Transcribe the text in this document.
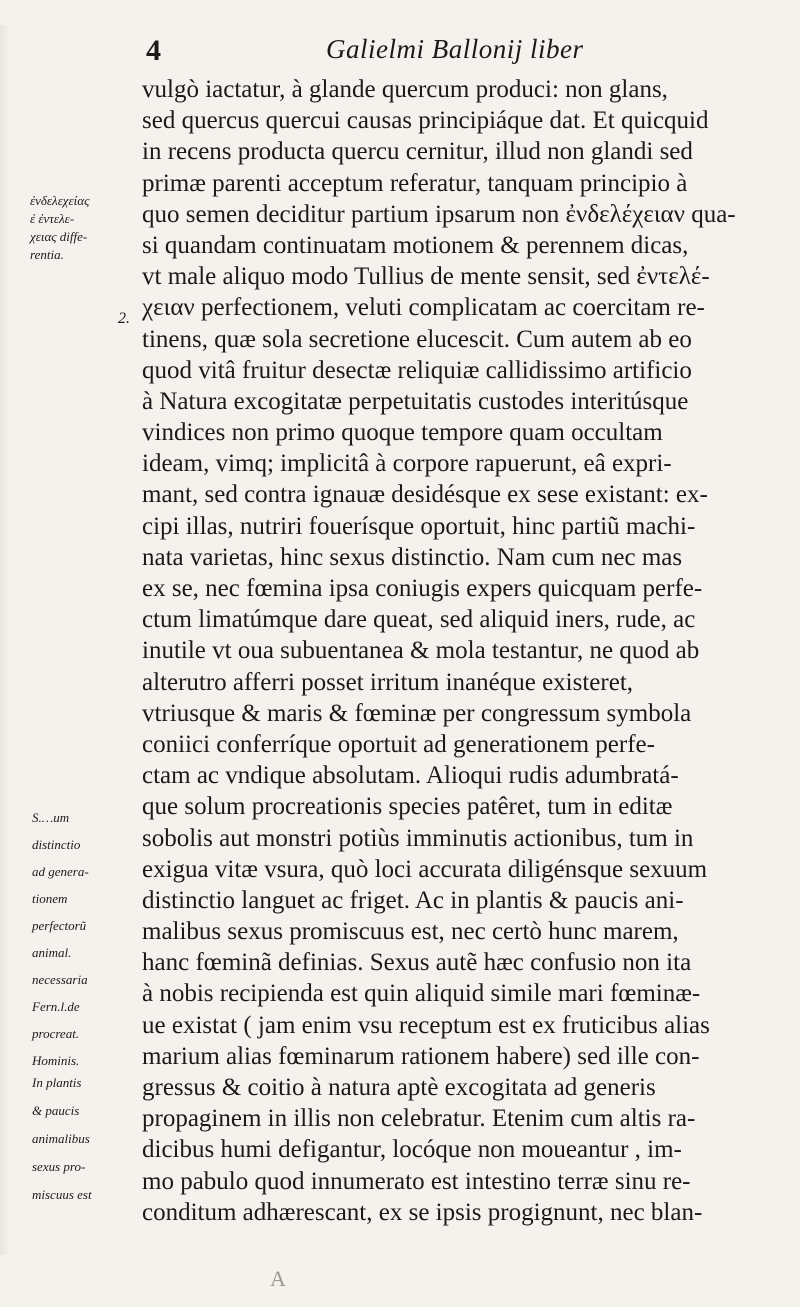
4	Galielmi Ballonij liber
vulgò iactatur, à glande quercum produci: non glans,
sed quercus quercui causas principiáque dat. Et quicquid
in recens producta quercu cernitur, illud non glandi sed
primæ parenti acceptum referatur, tanquam principio à
quo semen deciditur partium ipsarum non ἐνδελέχειαν qua-
si quandam continuatam motionem & perennem dicas,
vt male aliquo modo Tullius de mente sensit, sed ἐντελέ-
χειαν perfectionem, veluti complicatam ac coercitam re-
tinens, quæ sola secretione elucescit. Cum autem ab eo
quod vitâ fruitur desectæ reliquiæ callidissimo artificio
à Natura excogitatæ perpetuitatis custodes interitúsque
vindices non primo quoque tempore quam occultam
ideam, vimq; implicitâ à corpore rapuerunt, eâ expri-
mant, sed contra ignauæ desidésque ex sese existant: ex-
cipi illas, nutriri fouerísque oportuit, hinc partiũ machi-
nata varietas, hinc sexus distinctio. Nam cum nec mas
ex se, nec fœmina ipsa coniugis expers quicquam perfe-
ctum limatúmque dare queat, sed aliquid iners, rude, ac
inutile vt oua subuentanea & mola testantur, ne quod ab
alterutro afferri posset irritum inanéque existeret,
vtriusque & maris & fœminæ per congressum symbola
coniici conferríque oportuit ad generationem perfe-
ctam ac vndique absolutam. Alioqui rudis adumbratá-
que solum procreationis species patêret, tum in editæ
sobolis aut monstri potiùs imminutis actionibus, tum in
exigua vitæ vsura, quò loci accurata diligénsque sexuum
distinctio languet ac friget. Ac in plantis & paucis ani-
malibus sexus promiscuus est, nec certò hunc marem,
hanc fœminã definias. Sexus autẽ hæc confusio non ita
à nobis recipienda est quin aliquid simile mari fœminæ-
ue existat ( jam enim vsu receptum est ex fruticibus alias
marium alias fœminarum rationem habere) sed ille con-
gressus & coitio à natura aptè excogitata ad generis
propaginem in illis non celebratur. Etenim cum altis ra-
dicibus humi defigantur, locóque non moueantur , im-
mo pabulo quod innumerato est intestino terræ sinu re-
conditum adhærescant, ex se ipsis progignunt, nec blan-
ἐνδελεχείας
ἐ ἐντελε-
χειας diffe-
rentia.
2.
S.…um
distinctio
ad genera-
tionem
perfectorũ
animal.
necessaria
Fern.l.de
procreat.
Hominis.
In plantis
& paucis
animalibus
sexus pro-
miscuus est
A
